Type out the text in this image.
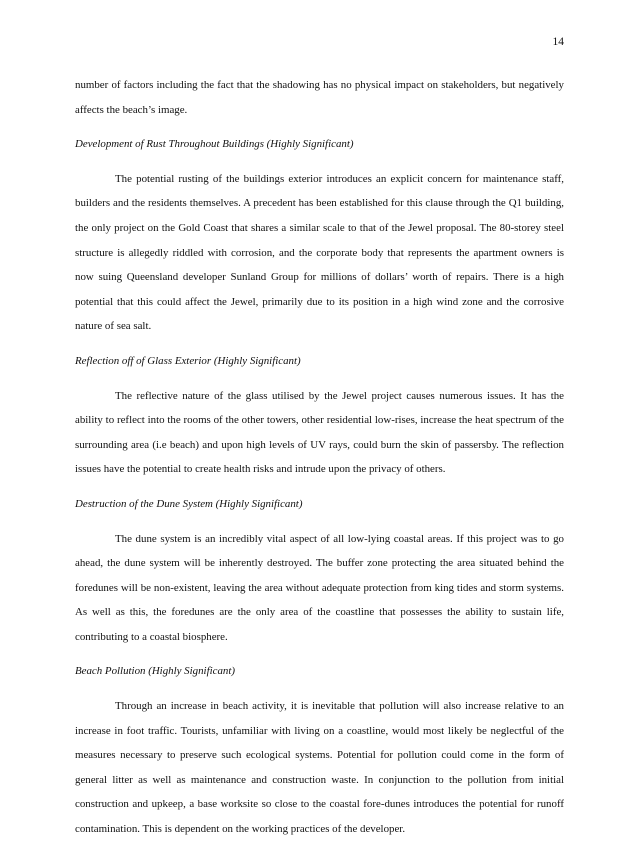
14

number of factors including the fact that the shadowing has no physical impact on stakeholders, but negatively affects the beach’s image.

Development of Rust Throughout Buildings (Highly Significant)

The potential rusting of the buildings exterior introduces an explicit concern for maintenance staff, builders and the residents themselves. A precedent has been established for this clause through the Q1 building, the only project on the Gold Coast that shares a similar scale to that of the Jewel proposal. The 80-storey steel structure is allegedly riddled with corrosion, and the corporate body that represents the apartment owners is now suing Queensland developer Sunland Group for millions of dollars’ worth of repairs. There is a high potential that this could affect the Jewel, primarily due to its position in a high wind zone and the corrosive nature of sea salt.

Reflection off of Glass Exterior (Highly Significant)

The reflective nature of the glass utilised by the Jewel project causes numerous issues. It has the ability to reflect into the rooms of the other towers, other residential low-rises, increase the heat spectrum of the surrounding area (i.e beach) and upon high levels of UV rays, could burn the skin of passersby. The reflection issues have the potential to create health risks and intrude upon the privacy of others.

Destruction of the Dune System (Highly Significant)

The dune system is an incredibly vital aspect of all low-lying coastal areas. If this project was to go ahead, the dune system will be inherently destroyed. The buffer zone protecting the area situated behind the foredunes will be non-existent, leaving the area without adequate protection from king tides and storm systems. As well as this, the foredunes are the only area of the coastline that possesses the ability to sustain life, contributing to a coastal biosphere.

Beach Pollution (Highly Significant)

Through an increase in beach activity, it is inevitable that pollution will also increase relative to an increase in foot traffic. Tourists, unfamiliar with living on a coastline, would most likely be neglectful of the measures necessary to preserve such ecological systems. Potential for pollution could come in the form of general litter as well as maintenance and construction waste. In conjunction to the pollution from initial construction and upkeep, a base worksite so close to the coastal fore-dunes introduces the potential for runoff contamination. This is dependent on the working practices of the developer.
